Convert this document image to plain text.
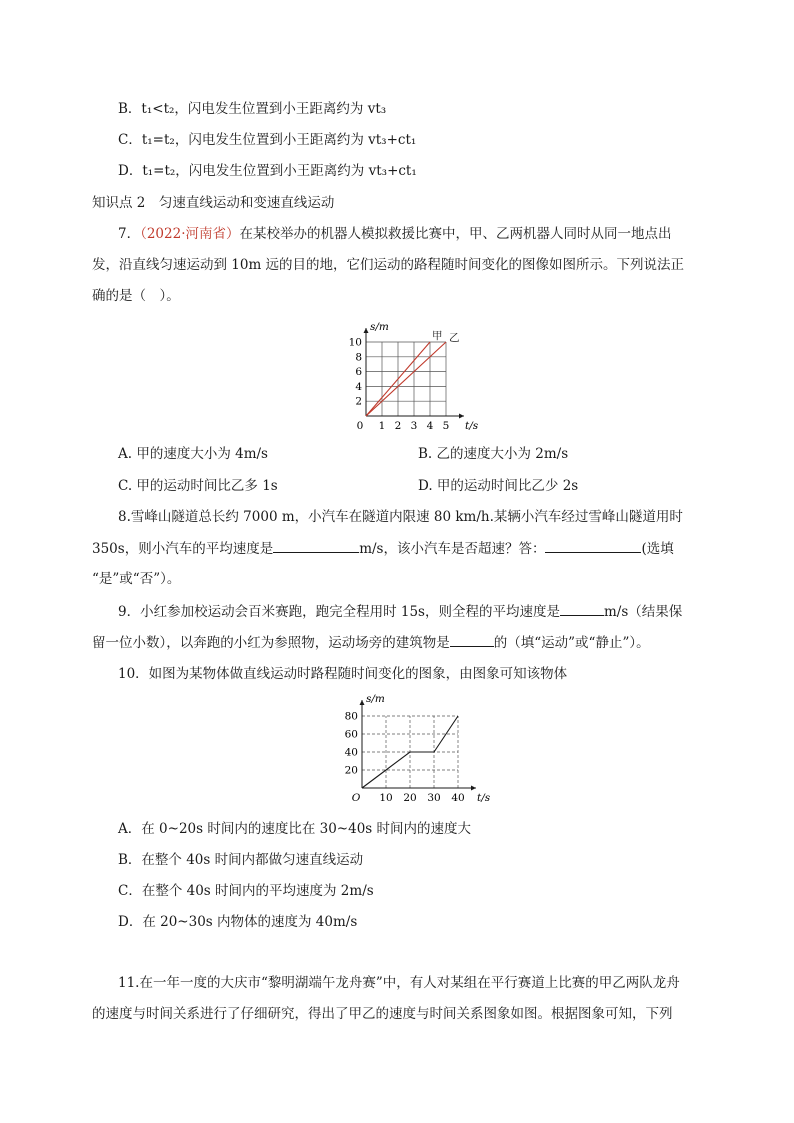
B．t₁<t₂，闪电发生位置到小王距离约为 vt₃
C．t₁=t₂，闪电发生位置到小王距离约为 vt₃+ct₁
D．t₁=t₂，闪电发生位置到小王距离约为 vt₃+ct₁
知识点 2　匀速直线运动和变速直线运动
7．（2022·河南省）在某校举办的机器人模拟救援比赛中，甲、乙两机器人同时从同一地点出
发，沿直线匀速运动到 10m 远的目的地，它们运动的路程随时间变化的图像如图所示。下列说法正
确的是（　）。
1 2 3 4 5
2
4
6
8
10
0	t/s
s/m
甲 乙
A. 甲的速度大小为 4m/s	B. 乙的速度大小为 2m/s
C. 甲的运动时间比乙多 1s	D. 甲的运动时间比乙少 2s
8.雪峰山隧道总长约 7000 m，小汽车在隧道内限速 80 km/h.某辆小汽车经过雪峰山隧道用时
350s，则小汽车的平均速度是	m/s，该小汽车是否超速？答：	(选填
“是”或“否”）。
9．小红参加校运动会百米赛跑，跑完全程用时 15s，则全程的平均速度是	m/s（结果保
留一位小数），以奔跑的小红为参照物，运动场旁的建筑物是	的（填“运动”或“静止”）。
10．如图为某物体做直线运动时路程随时间变化的图象，由图象可知该物体
10 20 30 40
20
40
60
80
O	t/s
s/m
A．在 0~20s 时间内的速度比在 30~40s 时间内的速度大
B．在整个 40s 时间内都做匀速直线运动
C．在整个 40s 时间内的平均速度为 2m/s
D．在 20~30s 内物体的速度为 40m/s
11.在一年一度的大庆市“黎明湖端午龙舟赛”中，有人对某组在平行赛道上比赛的甲乙两队龙舟
的速度与时间关系进行了仔细研究，得出了甲乙的速度与时间关系图象如图。根据图象可知，下列
